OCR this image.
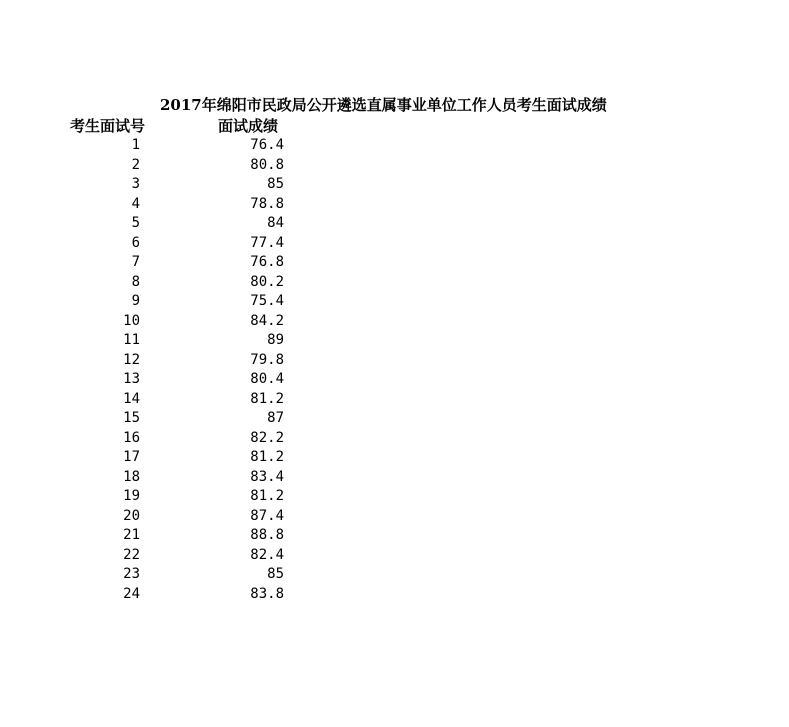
2017年绵阳市民政局公开遴选直属事业单位工作人员考生面试成绩
考生面试号	面试成绩
1	76.4
2	80.8
3	85
4	78.8
5	84
6	77.4
7	76.8
8	80.2
9	75.4
10	84.2
11	89
12	79.8
13	80.4
14	81.2
15	87
16	82.2
17	81.2
18	83.4
19	81.2
20	87.4
21	88.8
22	82.4
23	85
24	83.8
